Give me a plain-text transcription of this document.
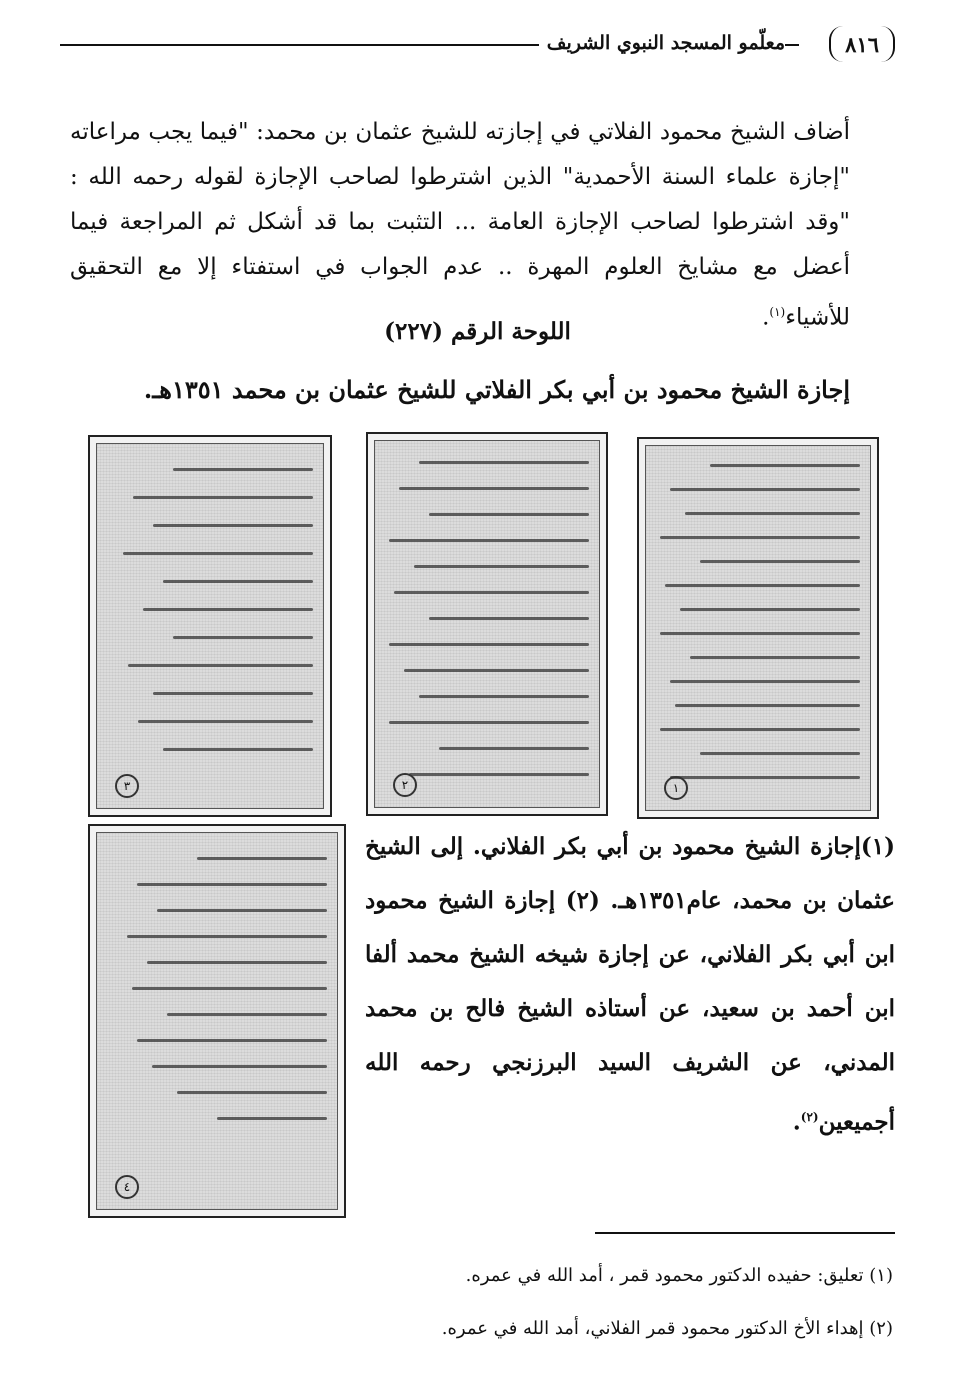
معلّمو المسجد النبوي الشريف	٨١٦
أضاف الشيخ محمود الفلاتي في إجازته للشيخ عثمان بن محمد: "فيما يجب مراعاته "إجازة علماء السنة الأحمدية" الذين اشترطوا لصاحب الإجازة لقوله رحمه الله : "وقد اشترطوا لصاحب الإجازة العامة ... التثبت بما قد أشكل ثم المراجعة فيما أعضل مع مشايخ العلوم المهرة .. عدم الجواب في استفتاء إلا مع التحقيق للأشياء$^{(١)}$.
اللوحة الرقم (٢٢٧)
إجازة الشيخ محمود بن أبي بكر الفلاتي للشيخ عثمان بن محمد ١٣٥١هـ.
١
٢
٣
٤
(١)إجازة الشيخ محمود بن أبي بكر الفلاني. إلى الشيخ عثمان بن محمد، عام١٣٥١هـ. (٢) إجازة الشيخ محمود ابن أبي بكر الفلاني، عن إجازة شيخه الشيخ محمد ألفا ابن أحمد بن سعيد، عن أستاذه الشيخ فالح بن محمد المدني، عن الشريف السيد البرزنجي رحمه الله أجميعين$^{(٢)}$.
(١) تعليق: حفيده الدكتور محمود قمر ، أمد الله في عمره.
(٢) إهداء الأخ الدكتور محمود قمر الفلاني، أمد الله في عمره.
